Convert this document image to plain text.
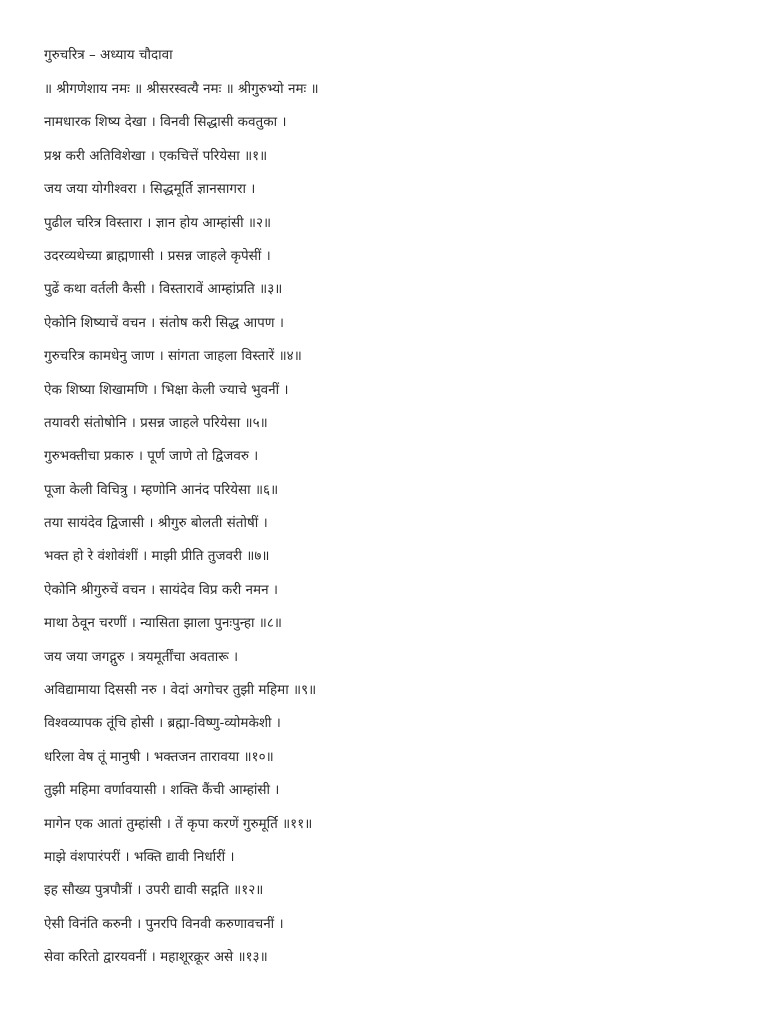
गुरुचरित्र – अध्याय चौदावा
॥ श्रीगणेशाय नमः ॥ श्रीसरस्वत्यै नमः ॥ श्रीगुरुभ्यो नमः ॥
नामधारक शिष्य देखा । विनवी सिद्धासी कवतुका ।
प्रश्न करी अतिविशेखा । एकचित्तें परियेसा ॥१॥
जय जया योगीश्वरा । सिद्धमूर्ति ज्ञानसागरा ।
पुढील चरित्र विस्तारा । ज्ञान होय आम्हांसी ॥२॥
उदरव्यथेच्या ब्राह्मणासी । प्रसन्न जाहले कृपेसीं ।
पुढें कथा वर्तली कैसी । विस्तारावें आम्हांप्रति ॥३॥
ऐकोनि शिष्याचें वचन । संतोष करी सिद्ध आपण ।
गुरुचरित्र कामधेनु जाण । सांगता जाहला विस्तारें ॥४॥
ऐक शिष्या शिखामणि । भिक्षा केली ज्याचे भुवनीं ।
तयावरी संतोषोनि । प्रसन्न जाहले परियेसा ॥५॥
गुरुभक्तीचा प्रकारु । पूर्ण जाणे तो द्विजवरु ।
पूजा केली विचित्रु । म्हणोनि आनंद परियेसा ॥६॥
तया सायंदेव द्विजासी । श्रीगुरु बोलती संतोषीं ।
भक्त हो रे वंशोवंशीं । माझी प्रीति तुजवरी ॥७॥
ऐकोनि श्रीगुरुचें वचन । सायंदेव विप्र करी नमन ।
माथा ठेवून चरणीं । न्यासिता झाला पुनःपुन्हा ॥८॥
जय जया जगद्गुरु । त्रयमूर्तींचा अवतारू ।
अविद्यामाया दिससी नरु । वेदां अगोचर तुझी महिमा ॥९॥
विश्वव्यापक तूंचि होसी । ब्रह्मा-विष्णु-व्योमकेशी ।
धरिला वेष तूं मानुषी । भक्तजन तारावया ॥१०॥
तुझी महिमा वर्णावयासी । शक्ति कैंची आम्हांसी ।
मागेन एक आतां तुम्हांसी । तें कृपा करणें गुरुमूर्ति ॥११॥
माझे वंशपारंपरीं । भक्ति द्यावी निर्धारीं ।
इह सौख्य पुत्रपौत्रीं । उपरी द्यावी सद्गति ॥१२॥
ऐसी विनंति करुनी । पुनरपि विनवी करुणावचनीं ।
सेवा करितो द्वारयवनीं । महाशूरक्रूर असे ॥१३॥
